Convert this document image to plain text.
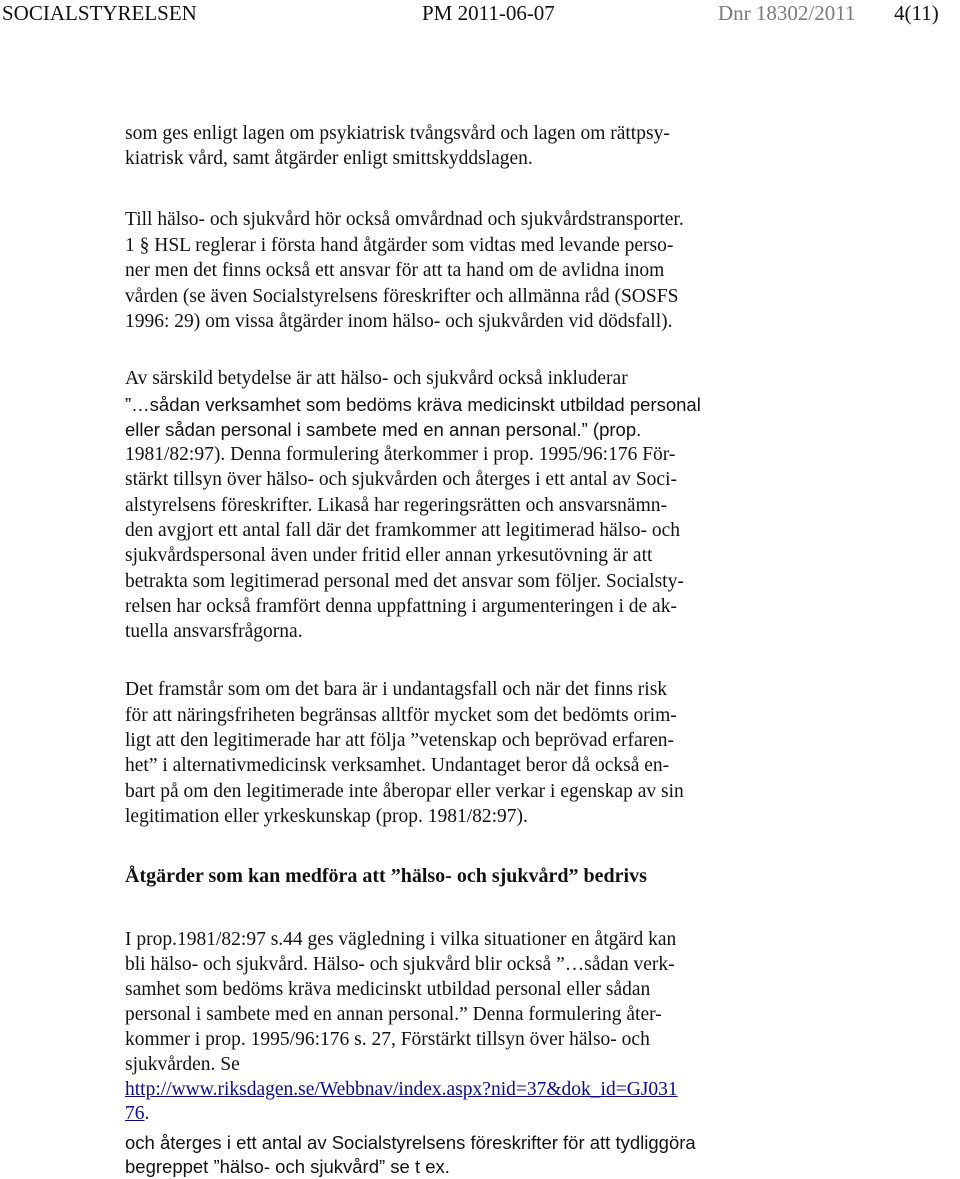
SOCIALSTYRELSEN	PM 2011-06-07	Dnr 18302/2011 4(11)
som ges enligt lagen om psykiatrisk tvångsvård och lagen om rättpsy-
kiatrisk vård, samt åtgärder enligt smittskyddslagen.
Till hälso- och sjukvård hör också omvårdnad och sjukvårdstransporter.
1 § HSL reglerar i första hand åtgärder som vidtas med levande perso-
ner men det finns också ett ansvar för att ta hand om de avlidna inom
vården (se även Socialstyrelsens föreskrifter och allmänna råd (SOSFS
1996: 29) om vissa åtgärder inom hälso- och sjukvården vid dödsfall).
Av särskild betydelse är att hälso- och sjukvård också inkluderar
”…sådan verksamhet som bedöms kräva medicinskt utbildad personal
eller sådan personal i sambete med en annan personal.” (prop.
1981/82:97). Denna formulering återkommer i prop. 1995/96:176 För-
stärkt tillsyn över hälso- och sjukvården och återges i ett antal av Soci-
alstyrelsens föreskrifter. Likaså har regeringsrätten och ansvarsnämn-
den avgjort ett antal fall där det framkommer att legitimerad hälso- och
sjukvårdspersonal även under fritid eller annan yrkesutövning är att
betrakta som legitimerad personal med det ansvar som följer. Socialsty-
relsen har också framfört denna uppfattning i argumenteringen i de ak-
tuella ansvarsfrågorna.
Det framstår som om det bara är i undantagsfall och när det finns risk
för att näringsfriheten begränsas alltför mycket som det bedömts orim-
ligt att den legitimerade har att följa ”vetenskap och beprövad erfaren-
het” i alternativmedicinsk verksamhet. Undantaget beror då också en-
bart på om den legitimerade inte åberopar eller verkar i egenskap av sin
legitimation eller yrkeskunskap (prop. 1981/82:97).
Åtgärder som kan medföra att ”hälso- och sjukvård” bedrivs
I prop.1981/82:97 s.44 ges vägledning i vilka situationer en åtgärd kan
bli hälso- och sjukvård. Hälso- och sjukvård blir också ”…sådan verk-
samhet som bedöms kräva medicinskt utbildad personal eller sådan
personal i sambete med en annan personal.” Denna formulering åter-
kommer i prop. 1995/96:176 s. 27, Förstärkt tillsyn över hälso- och
sjukvården. Se
http://www.riksdagen.se/Webbnav/index.aspx?nid=37&dok_id=GJ031
76.
och återges i ett antal av Socialstyrelsens föreskrifter för att tydliggöra
begreppet ”hälso- och sjukvård” se t ex.
